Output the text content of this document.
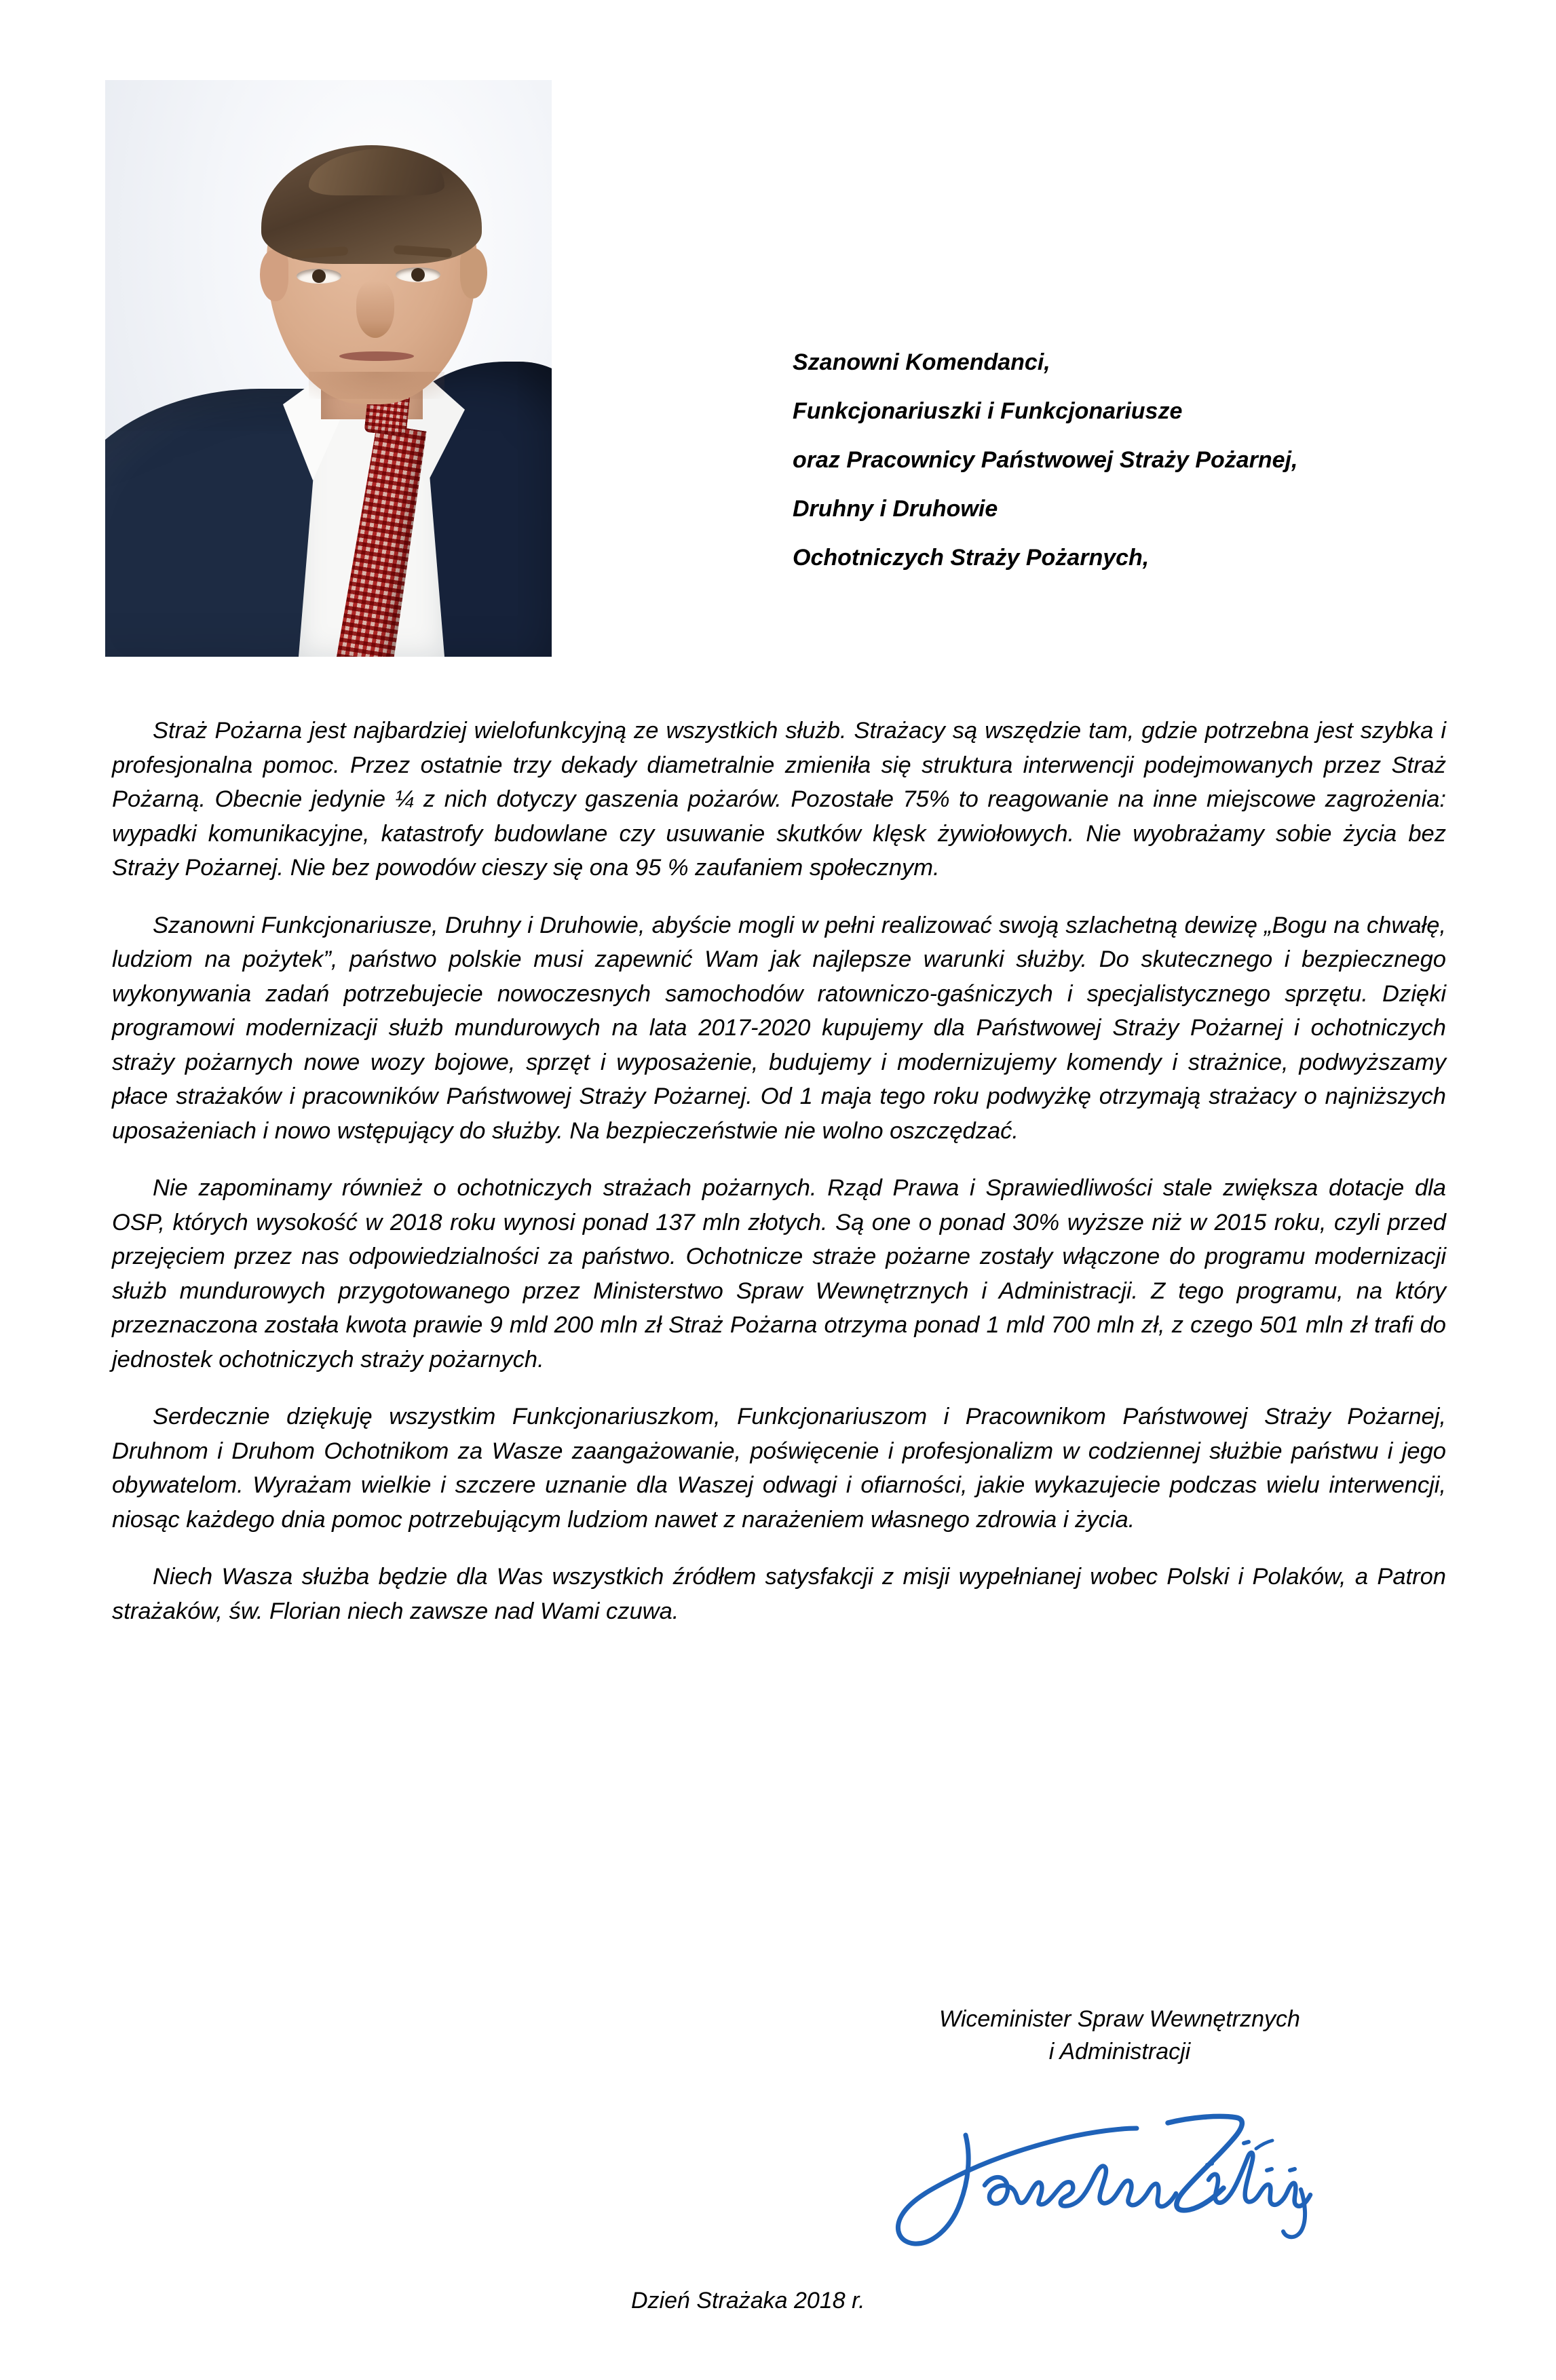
Szanowni Komendanci,
Funkcjonariuszki i Funkcjonariusze
oraz Pracownicy Państwowej Straży Pożarnej,
Druhny i Druhowie
Ochotniczych Straży Pożarnych,

Straż Pożarna jest najbardziej wielofunkcyjną ze wszystkich służb. Strażacy są wszędzie tam, gdzie potrzebna jest szybka i profesjonalna pomoc. Przez ostatnie trzy dekady diametralnie zmieniła się struktura interwencji podejmowanych przez Straż Pożarną. Obecnie jedynie ¼ z nich dotyczy gaszenia pożarów. Pozostałe 75% to reagowanie na inne miejscowe zagrożenia: wypadki komunikacyjne, katastrofy budowlane czy usuwanie skutków klęsk żywiołowych. Nie wyobrażamy sobie życia bez Straży Pożarnej. Nie bez powodów cieszy się ona 95 % zaufaniem społecznym.

Szanowni Funkcjonariusze, Druhny i Druhowie, abyście mogli w pełni realizować swoją szlachetną dewizę „Bogu na chwałę, ludziom na pożytek”, państwo polskie musi zapewnić Wam jak najlepsze warunki służby. Do skutecznego i bezpiecznego wykonywania zadań potrzebujecie nowoczesnych samochodów ratowniczo-gaśniczych i specjalistycznego sprzętu. Dzięki programowi modernizacji służb mundurowych na lata 2017-2020 kupujemy dla Państwowej Straży Pożarnej i ochotniczych straży pożarnych nowe wozy bojowe, sprzęt i wyposażenie, budujemy i modernizujemy komendy i strażnice, podwyższamy płace strażaków i pracowników Państwowej Straży Pożarnej. Od 1 maja tego roku podwyżkę otrzymają strażacy o najniższych uposażeniach i nowo wstępujący do służby. Na bezpieczeństwie nie wolno oszczędzać.

Nie zapominamy również o ochotniczych strażach pożarnych. Rząd Prawa i Sprawiedliwości stale zwiększa dotacje dla OSP, których wysokość w 2018 roku wynosi ponad 137 mln złotych. Są one o ponad 30% wyższe niż w 2015 roku, czyli przed przejęciem przez nas odpowiedzialności za państwo. Ochotnicze straże pożarne zostały włączone do programu modernizacji służb mundurowych przygotowanego przez Ministerstwo Spraw Wewnętrznych i Administracji. Z tego programu, na który przeznaczona została kwota prawie 9 mld 200 mln zł Straż Pożarna otrzyma ponad 1 mld 700 mln zł, z czego 501 mln zł trafi do jednostek ochotniczych straży pożarnych.

Serdecznie dziękuję wszystkim Funkcjonariuszkom, Funkcjonariuszom i Pracownikom Państwowej Straży Pożarnej, Druhnom i Druhom Ochotnikom za Wasze zaangażowanie, poświęcenie i profesjonalizm w codziennej służbie państwu i jego obywatelom. Wyrażam wielkie i szczere uznanie dla Waszej odwagi i ofiarności, jakie wykazujecie podczas wielu interwencji, niosąc każdego dnia pomoc potrzebującym ludziom nawet z narażeniem własnego zdrowia i życia.

Niech Wasza służba będzie dla Was wszystkich źródłem satysfakcji z misji wypełnianej wobec Polski i Polaków, a Patron strażaków, św. Florian niech zawsze nad Wami czuwa.

Wiceminister Spraw Wewnętrznych
i Administracji
Dzień Strażaka 2018 r.
